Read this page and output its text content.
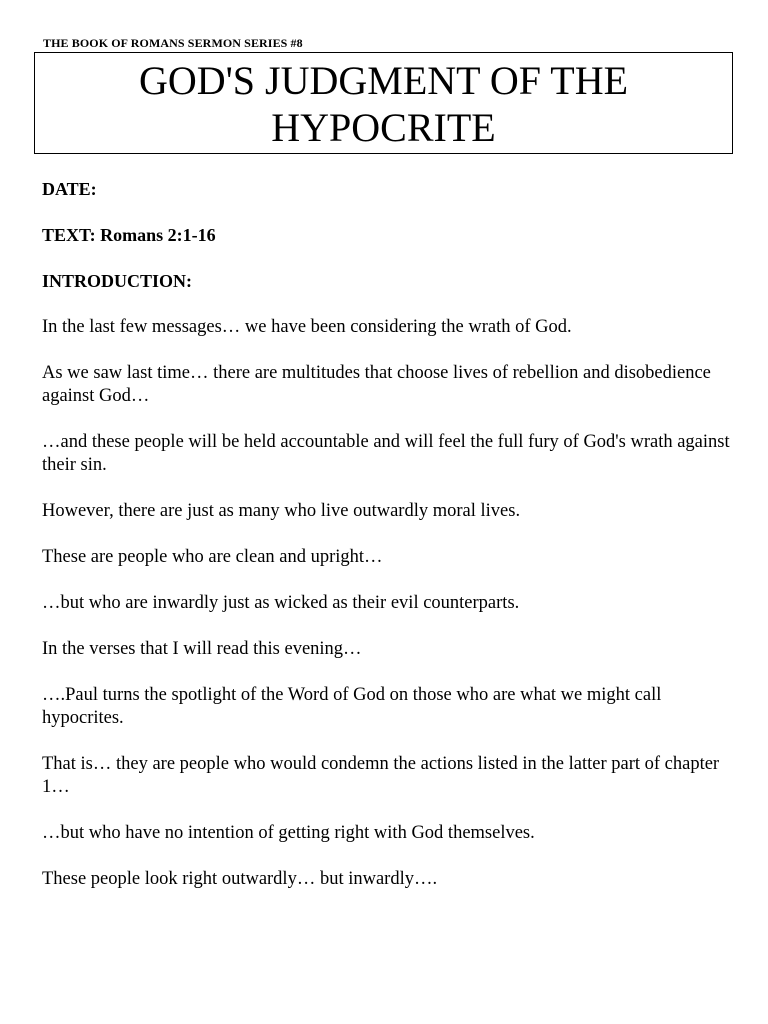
THE BOOK OF ROMANS SERMON SERIES #8
GOD'S JUDGMENT OF THE
HYPOCRITE
DATE:
TEXT: Romans 2:1-16
INTRODUCTION:

In the last few messages… we have been considering the wrath of God.

As we saw last time… there are multitudes that choose lives of rebellion and disobedience against God…

…and these people will be held accountable and will feel the full fury of God's wrath against their sin.

However, there are just as many who live outwardly moral lives.

These are people who are clean and upright…

…but who are inwardly just as wicked as their evil counterparts.

In the verses that I will read this evening…

….Paul turns the spotlight of the Word of God on those who are what we might call hypocrites.

That is… they are people who would condemn the actions listed in the latter part of chapter 1…

…but who have no intention of getting right with God themselves.

These people look right outwardly… but inwardly….
